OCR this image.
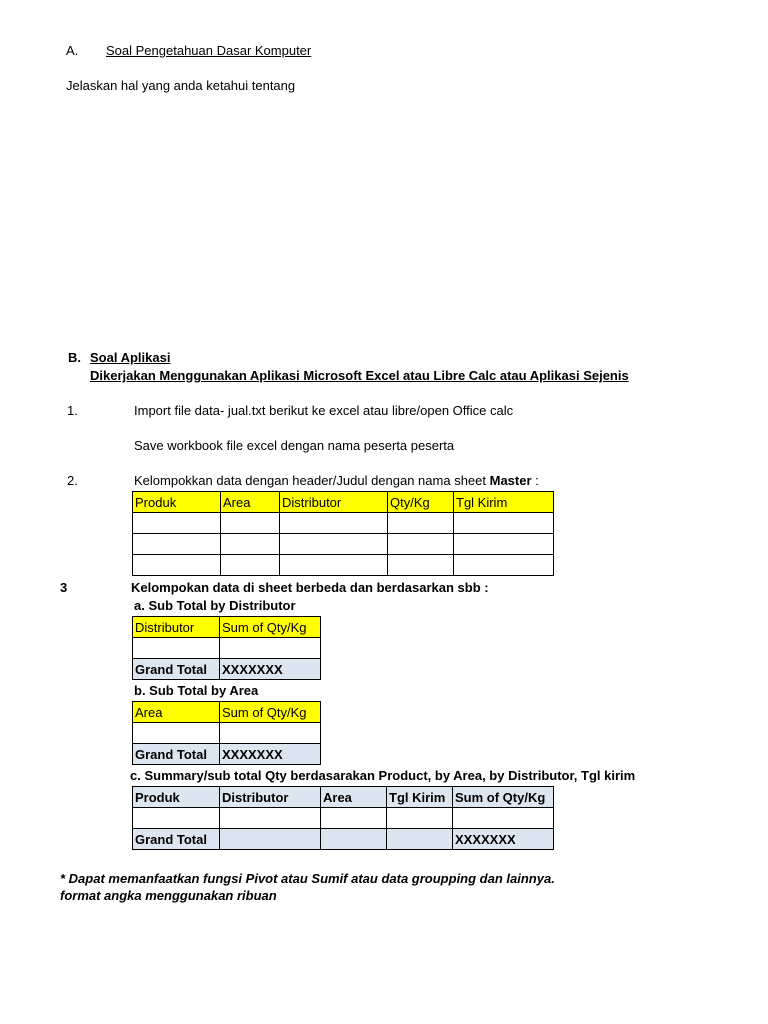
A. Soal Pengetahuan Dasar Komputer
Jelaskan hal yang anda ketahui tentang
B. Soal Aplikasi
Dikerjakan Menggunakan Aplikasi Microsoft Excel atau Libre Calc atau Aplikasi Sejenis
1.	Import file data- jual.txt berikut ke excel atau libre/open Office calc
Save workbook file excel dengan nama peserta peserta
2.	Kelompokkan data dengan header/Judul dengan nama sheet Master :
Produk	Area	Distributor	Qty/Kg	Tgl Kirim

3	Kelompokan data di sheet berbeda dan berdasarkan sbb :
a. Sub Total by Distributor
Distributor	Sum of Qty/Kg

Grand Total	XXXXXXX
b. Sub Total by Area
Area	Sum of Qty/Kg

Grand Total	XXXXXXX
c. Summary/sub total Qty berdasarakan Product, by Area, by Distributor, Tgl kirim
Produk	Distributor	Area	Tgl Kirim	Sum of Qty/Kg

Grand Total				XXXXXXX
* Dapat memanfaatkan fungsi Pivot atau Sumif atau data groupping dan lainnya.
format angka menggunakan ribuan
